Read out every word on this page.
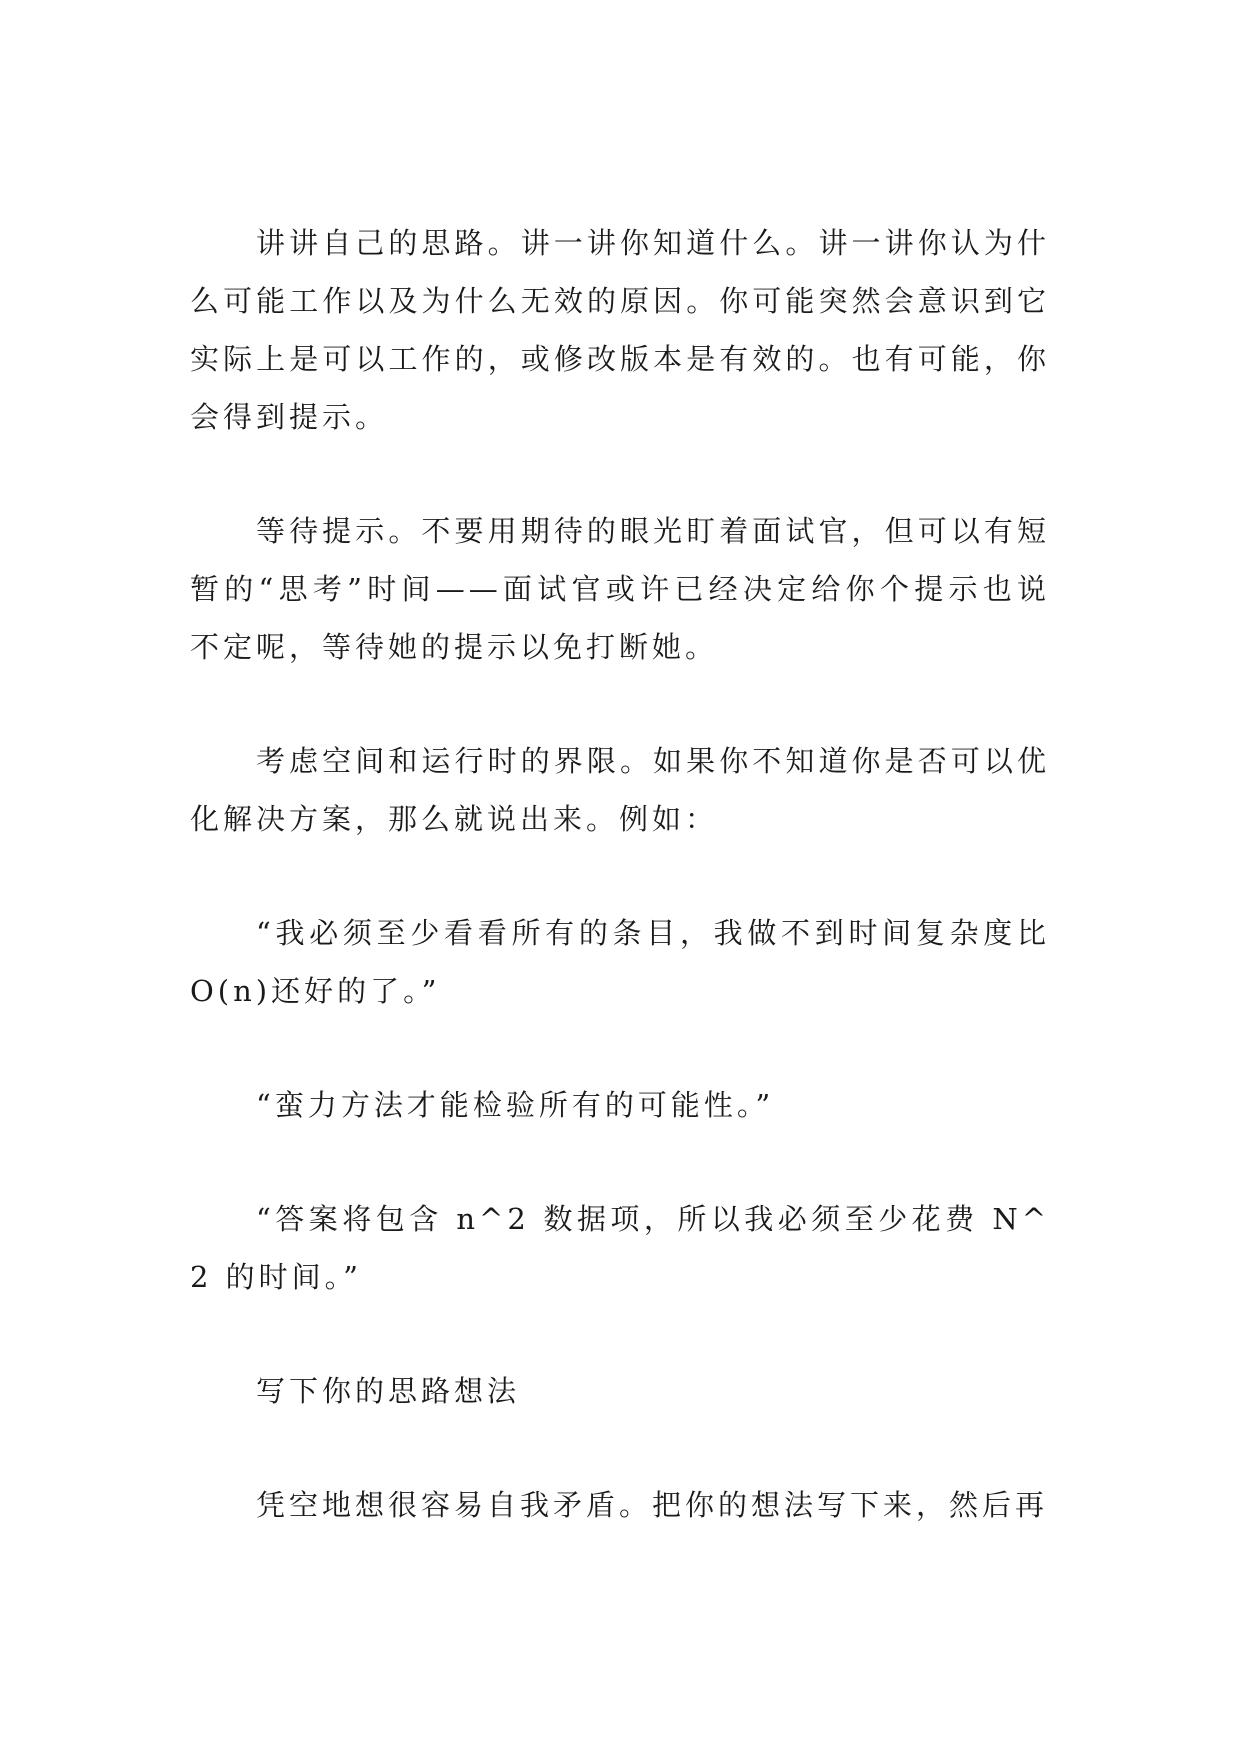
讲讲自己的思路。讲一讲你知道什么。讲一讲你认为什么可能工作以及为什么无效的原因。你可能突然会意识到它实际上是可以工作的，或修改版本是有效的。也有可能，你会得到提示。

等待提示。不要用期待的眼光盯着面试官，但可以有短暂的“思考”时间——面试官或许已经决定给你个提示也说不定呢，等待她的提示以免打断她。

考虑空间和运行时的界限。如果你不知道你是否可以优化解决方案，那么就说出来。例如：

“我必须至少看看所有的条目，我做不到时间复杂度比O(n)还好的了。”

“蛮力方法才能检验所有的可能性。”

“答案将包含 n^2 数据项，所以我必须至少花费 N^2 的时间。”

写下你的思路想法

凭空地想很容易自我矛盾。把你的想法写下来，然后再
